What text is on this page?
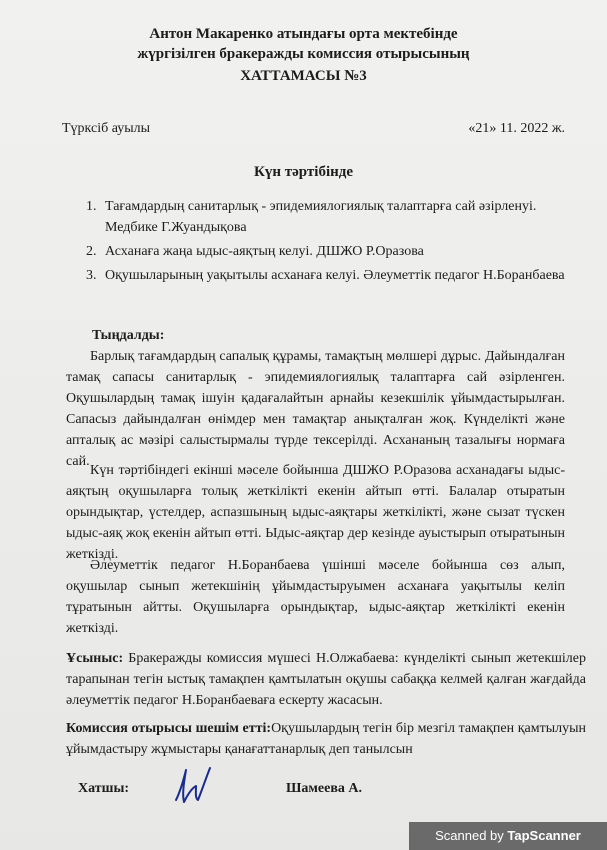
Антон Макаренко атындағы орта мектебінде
жүргізілген бракеражды комиссия отырысының
ХАТТАМАСЫ №3
Түрксіб ауылы	«21» 11. 2022 ж.
Күн тәртібінде
1. Тағамдардың санитарлық - эпидемиялогиялық талаптарға сай әзірленуі. Медбике Г.Жуандықова
2. Асханаға жаңа ыдыс-аяқтың келуі. ДШЖО Р.Оразова
3. Оқушыларының уақытылы асханаға келуі. Әлеуметтік педагог Н.Боранбаева
Тыңдалды:
Барлық тағамдардың сапалық құрамы, тамақтың мөлшері дұрыс. Дайындалған тамақ сапасы санитарлық - эпидемиялогиялық талаптарға сай әзірленген. Оқушылардың тамақ ішуін қадағалайтын арнайы кезекшілік ұйымдастырылған. Сапасыз дайындалған өнімдер мен тамақтар анықталған жоқ. Күнделікті және апталық ас мәзірі салыстырмалы түрде тексерілді. Асхананың тазалығы нормаға сай.
Күн тәртібіндегі екінші мәселе бойынша ДШЖО Р.Оразова асханадағы ыдыс-аяқтың оқушыларға толық жеткілікті екенін айтып өтті. Балалар отыратын орындықтар, үстелдер, аспазшының ыдыс-аяқтары жеткілікті, және сызат түскен ыдыс-аяқ жоқ екенін айтып өтті. Ыдыс-аяқтар дер кезінде ауыстырып отыратынын жеткізді.
Әлеуметтік педагог Н.Боранбаева үшінші мәселе бойынша сөз алып, оқушылар сынып жетекшінің ұйымдастыруымен асханаға уақытылы келіп тұратынын айтты. Оқушыларға орындықтар, ыдыс-аяқтар жеткілікті екенін жеткізді.
Ұсыныс: Бракеражды комиссия мүшесі Н.Олжабаева: күнделікті сынып жетекшілер тарапынан тегін ыстық тамақпен қамтылатын оқушы сабаққа келмей қалған жағдайда әлеуметтік педагог Н.Боранбаеваға ескерту жасасын.
Комиссия отырысы шешім етті:Оқушылардың тегін бір мезгіл тамақпен қамтылуын ұйымдастыру жұмыстары қанағаттанарлық деп танылсын
Хатшы:	Шамеева А.
Scanned by TapScanner
